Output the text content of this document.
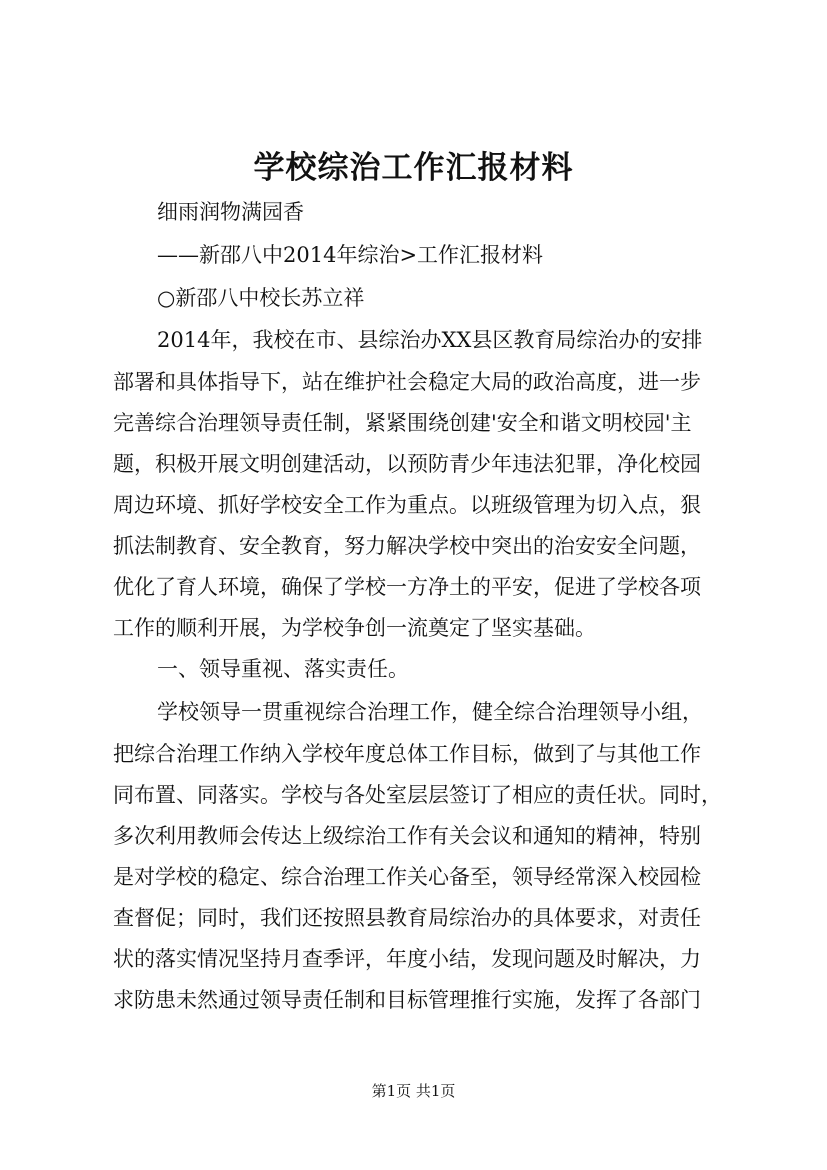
学校综治工作汇报材料

细雨润物满园香

——新邵八中2014年综治>工作汇报材料

○新邵八中校长苏立祥

2014年，我校在市、县综治办XX县区教育局综治办的安排

部署和具体指导下，站在维护社会稳定大局的政治高度，进一步

完善综合治理领导责任制，紧紧围绕创建'安全和谐文明校园'主

题，积极开展文明创建活动，以预防青少年违法犯罪，净化校园

周边环境、抓好学校安全工作为重点。以班级管理为切入点，狠

抓法制教育、安全教育，努力解决学校中突出的治安安全问题，

优化了育人环境，确保了学校一方净土的平安，促进了学校各项

工作的顺利开展，为学校争创一流奠定了坚实基础。

一、领导重视、落实责任。

学校领导一贯重视综合治理工作，健全综合治理领导小组，

把综合治理工作纳入学校年度总体工作目标，做到了与其他工作

同布置、同落实。学校与各处室层层签订了相应的责任状。同时，

多次利用教师会传达上级综治工作有关会议和通知的精神，特别

是对学校的稳定、综合治理工作关心备至，领导经常深入校园检

查督促；同时，我们还按照县教育局综治办的具体要求，对责任

状的落实情况坚持月查季评，年度小结，发现问题及时解决，力

求防患未然通过领导责任制和目标管理推行实施，发挥了各部门

第1页 共1页
